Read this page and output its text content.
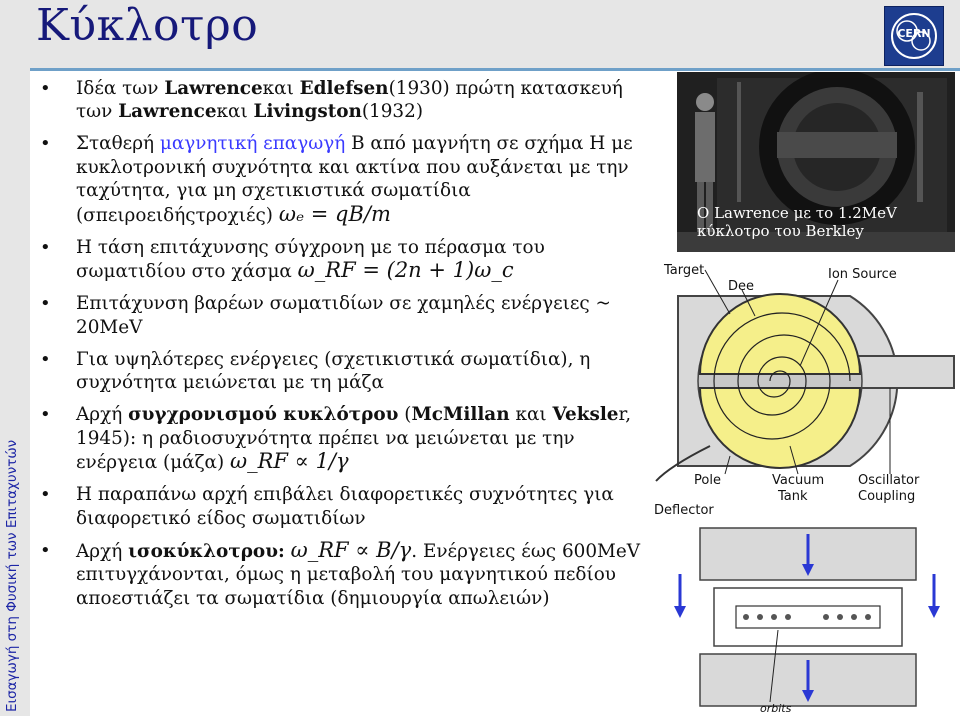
Κύκλοτρο
Εισαγωγή στη Φυσική των Επιταχυντών
CERN
• Ιδέα των Lawrenceκαι Edlefsen(1930) πρώτη κατασκευή των Lawrenceκαι Livingston(1932)
• Σταθερή μαγνητική επαγωγή B από μαγνήτη σε σχήμα H με κυκλοτρονική συχνότητα και ακτίνα που αυξάνεται με την ταχύτητα, για μη σχετικιστικά σωματίδια (σπειροειδήςτροχιές) ωₑ = qB/m
• Η τάση επιτάχυνσης σύγχρονη με το πέρασμα του σωματιδίου στο χάσμα ω_RF = (2n + 1)ω_c
• Επιτάχυνση βαρέων σωματιδίων σε χαμηλές ενέργειες ~ 20MeV
• Για υψηλότερες ενέργειες (σχετικιστικά σωματίδια), η συχνότητα μειώνεται με τη μάζα
• Αρχή συγχρονισμού κυκλότρου (McMillan και Veksler, 1945): η ραδιοσυχνότητα πρέπει να μειώνεται με την ενέργεια (μάζα) ω_RF ∝ 1/γ
• Η παραπάνω αρχή επιβάλει διαφορετικές συχνότητες για διαφορετικό είδος σωματιδίων
• Αρχή ισοκύκλοτρου: ω_RF ∝ B/γ. Ενέργειες έως 600MeV επιτυγχάνονται, όμως η μεταβολή του μαγνητικού πεδίου αποεστιάζει τα σωματίδια (δημιουργία απωλειών)
O Lawrence με το 1.2MeV κύκλοτρο του Berkley
Target
Dee
Ion Source
Pole	Vacuum
Tank
Oscillator
Coupling
Deflector
orbits
